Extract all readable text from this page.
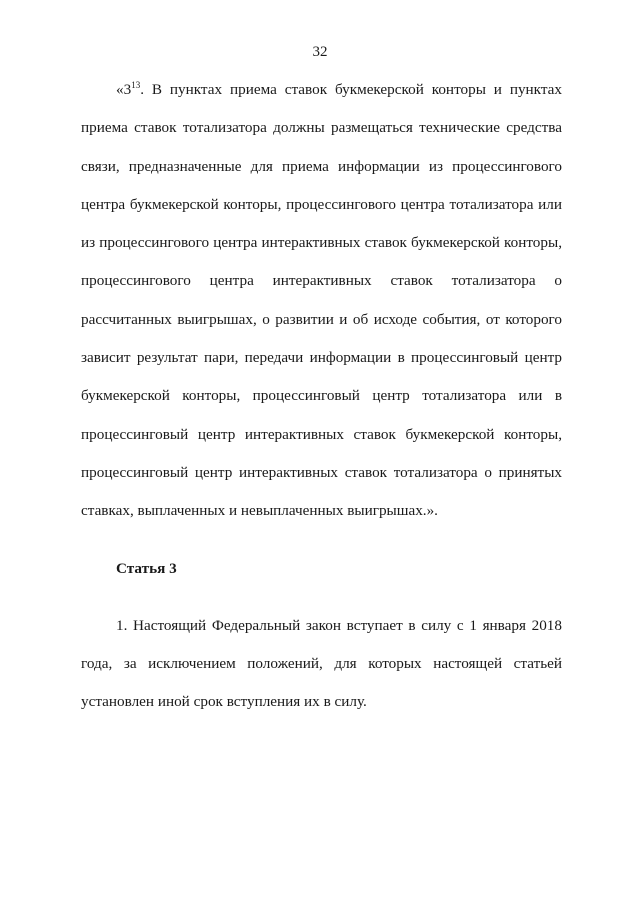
32
«$3^{13}$. В пунктах приема ставок букмекерской конторы и пунктах
приема ставок тотализатора должны размещаться технические средства
связи, предназначенные для приема информации из процессингового
центра букмекерской конторы, процессингового центра тотализатора или
из процессингового центра интерактивных ставок букмекерской конторы,
процессингового центра интерактивных ставок тотализатора о
рассчитанных выигрышах, о развитии и об исходе события, от которого
зависит результат пари, передачи информации в процессинговый центр
букмекерской конторы, процессинговый центр тотализатора или в
процессинговый центр интерактивных ставок букмекерской конторы,
процессинговый центр интерактивных ставок тотализатора о принятых
ставках, выплаченных и невыплаченных выигрышах.».
Статья 3
1. Настоящий Федеральный закон вступает в силу с 1 января 2018
года, за исключением положений, для которых настоящей статьей
установлен иной срок вступления их в силу.
